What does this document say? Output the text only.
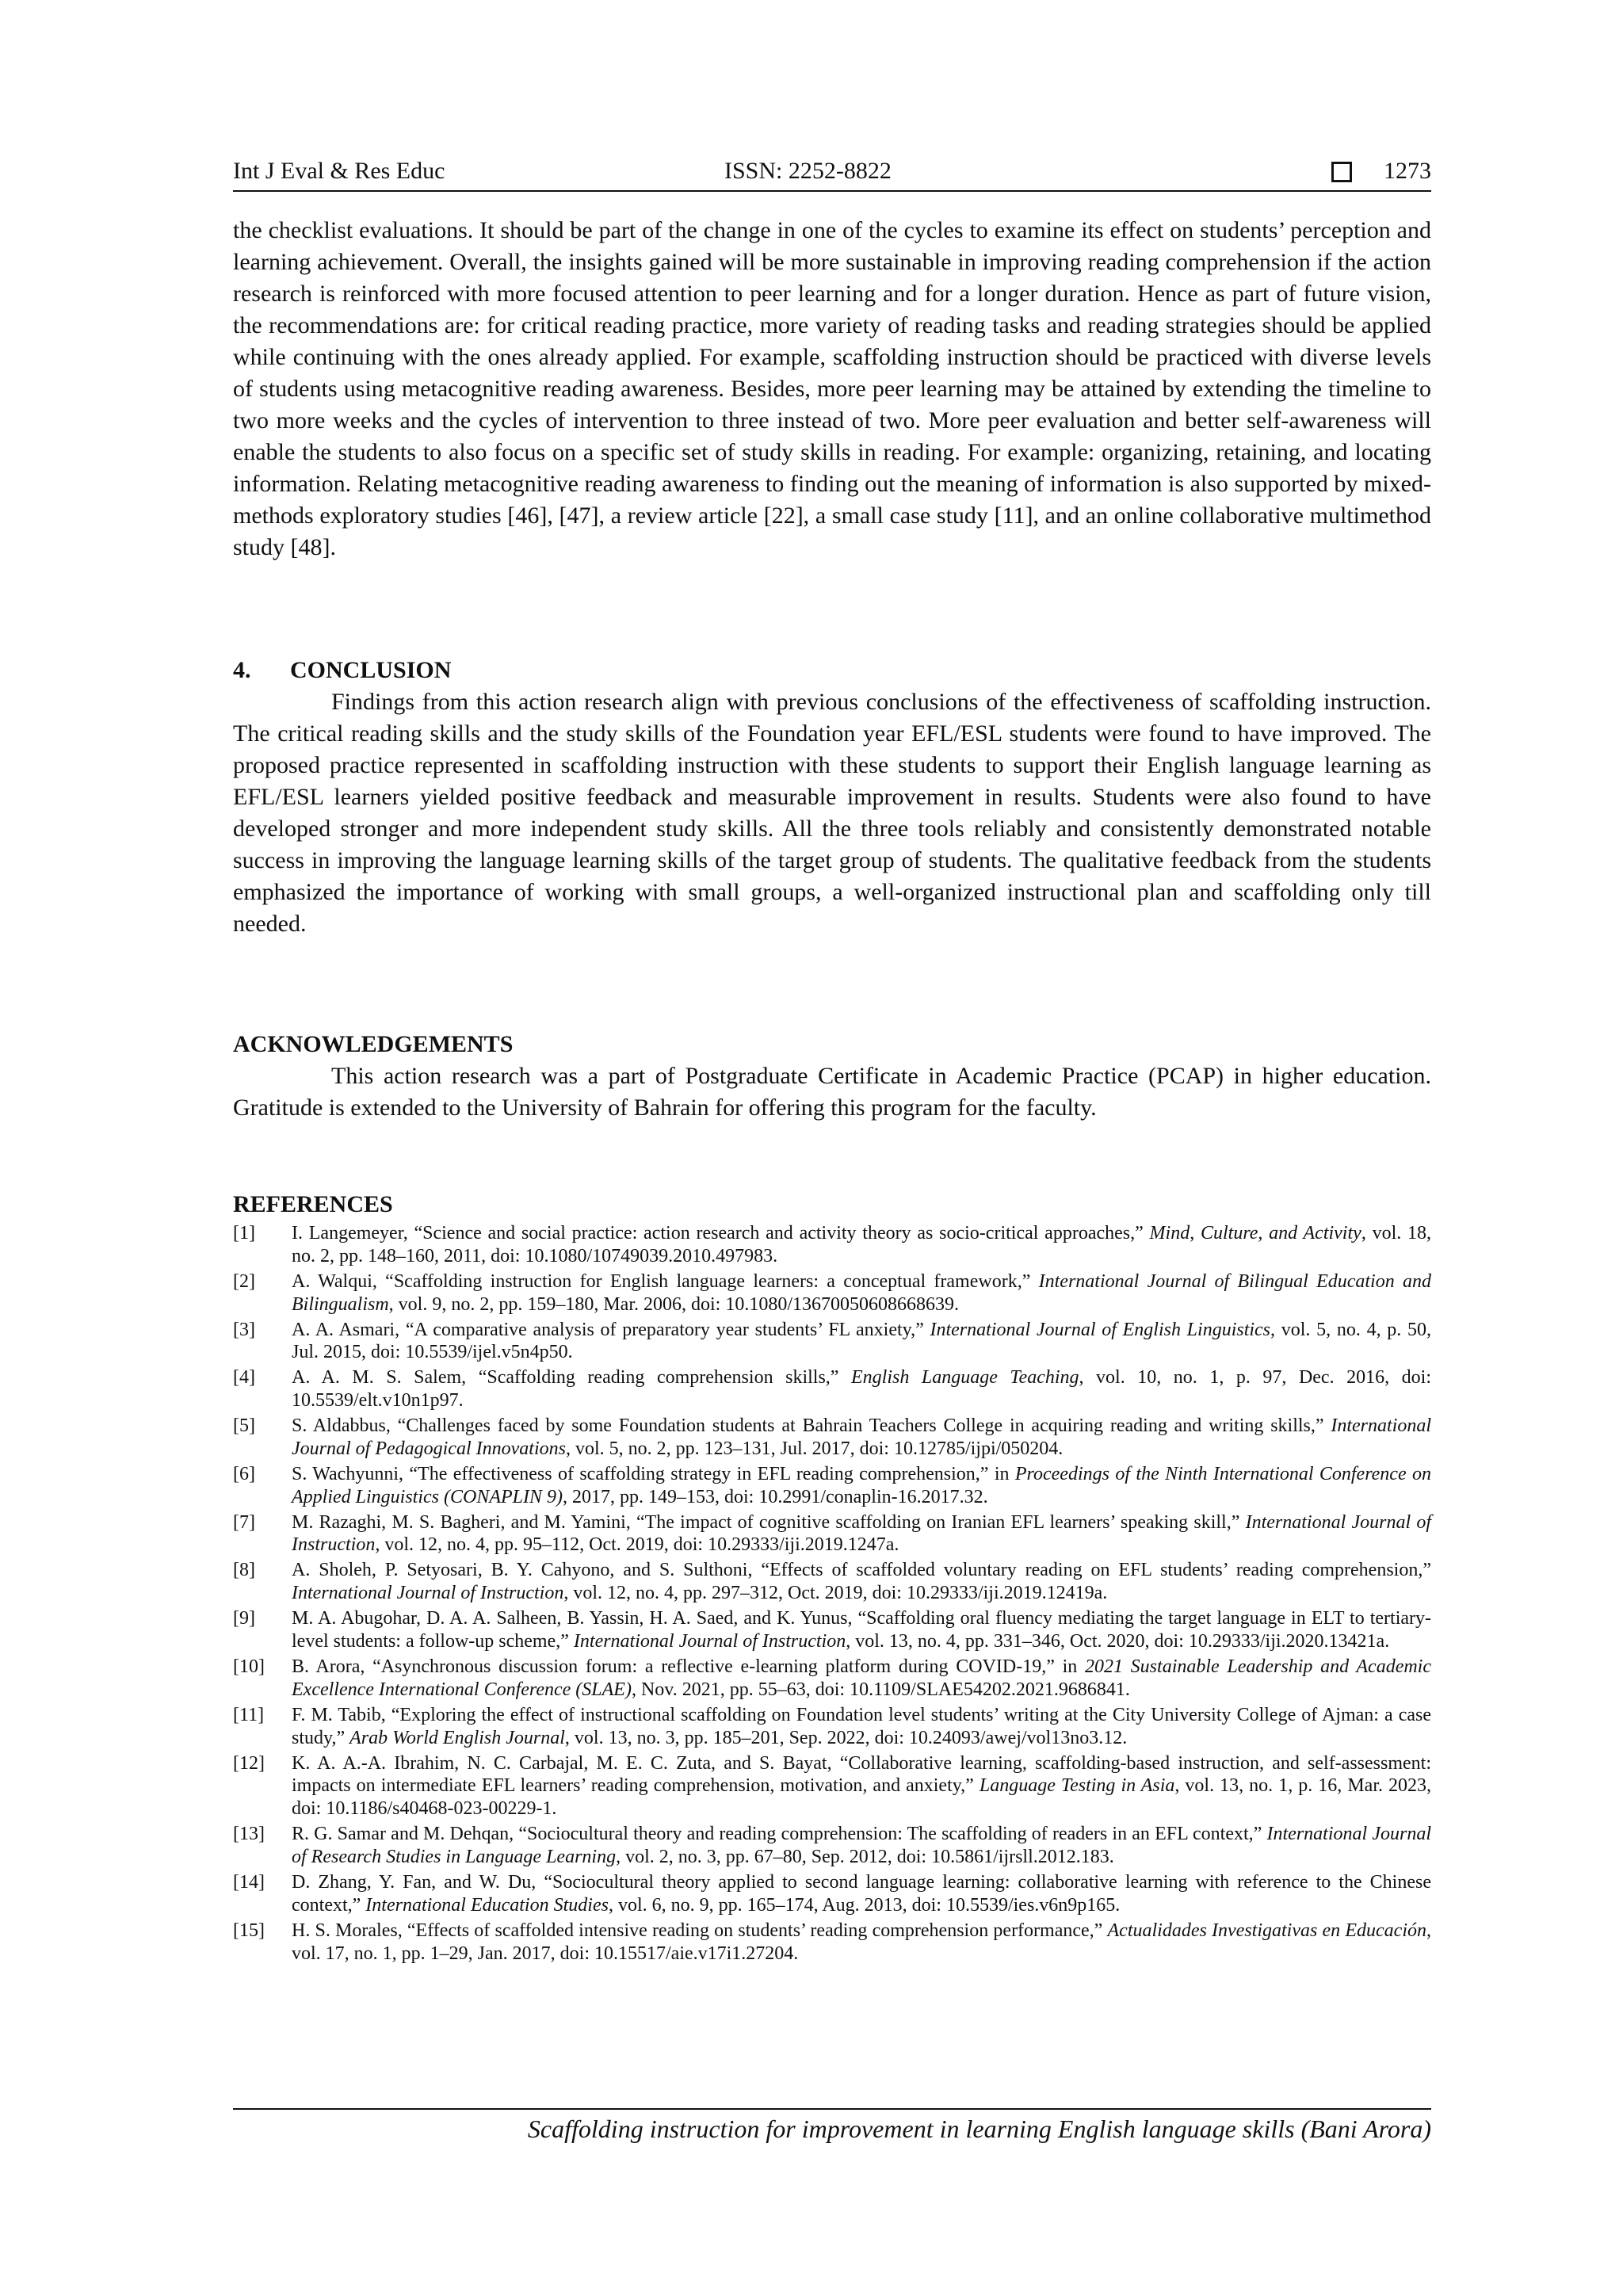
Int J Eval & Res Educ	ISSN: 2252-8822	1273

the checklist evaluations. It should be part of the change in one of the cycles to examine its effect on students’ perception and learning achievement. Overall, the insights gained will be more sustainable in improving reading comprehension if the action research is reinforced with more focused attention to peer learning and for a longer duration. Hence as part of future vision, the recommendations are: for critical reading practice, more variety of reading tasks and reading strategies should be applied while continuing with the ones already applied. For example, scaffolding instruction should be practiced with diverse levels of students using metacognitive reading awareness. Besides, more peer learning may be attained by extending the timeline to two more weeks and the cycles of intervention to three instead of two. More peer evaluation and better self-awareness will enable the students to also focus on a specific set of study skills in reading. For example: organizing, retaining, and locating information. Relating metacognitive reading awareness to finding out the meaning of information is also supported by mixed-methods exploratory studies [46], [47], a review article [22], a small case study [11], and an online collaborative multimethod study [48].

4. CONCLUSION

Findings from this action research align with previous conclusions of the effectiveness of scaffolding instruction. The critical reading skills and the study skills of the Foundation year EFL/ESL students were found to have improved. The proposed practice represented in scaffolding instruction with these students to support their English language learning as EFL/ESL learners yielded positive feedback and measurable improvement in results. Students were also found to have developed stronger and more independent study skills. All the three tools reliably and consistently demonstrated notable success in improving the language learning skills of the target group of students. The qualitative feedback from the students emphasized the importance of working with small groups, a well-organized instructional plan and scaffolding only till needed.

ACKNOWLEDGEMENTS

This action research was a part of Postgraduate Certificate in Academic Practice (PCAP) in higher education. Gratitude is extended to the University of Bahrain for offering this program for the faculty.

REFERENCES

[1]	I. Langemeyer, “Science and social practice: action research and activity theory as socio-critical approaches,” Mind, Culture, and Activity, vol. 18, no. 2, pp. 148–160, 2011, doi: 10.1080/10749039.2010.497983.
[2]	A. Walqui, “Scaffolding instruction for English language learners: a conceptual framework,” International Journal of Bilingual Education and Bilingualism, vol. 9, no. 2, pp. 159–180, Mar. 2006, doi: 10.1080/13670050608668639.
[3]	A. A. Asmari, “A comparative analysis of preparatory year students’ FL anxiety,” International Journal of English Linguistics, vol. 5, no. 4, p. 50, Jul. 2015, doi: 10.5539/ijel.v5n4p50.
[4]	A. A. M. S. Salem, “Scaffolding reading comprehension skills,” English Language Teaching, vol. 10, no. 1, p. 97, Dec. 2016, doi: 10.5539/elt.v10n1p97.
[5]	S. Aldabbus, “Challenges faced by some Foundation students at Bahrain Teachers College in acquiring reading and writing skills,” International Journal of Pedagogical Innovations, vol. 5, no. 2, pp. 123–131, Jul. 2017, doi: 10.12785/ijpi/050204.
[6]	S. Wachyunni, “The effectiveness of scaffolding strategy in EFL reading comprehension,” in Proceedings of the Ninth International Conference on Applied Linguistics (CONAPLIN 9), 2017, pp. 149–153, doi: 10.2991/conaplin-16.2017.32.
[7]	M. Razaghi, M. S. Bagheri, and M. Yamini, “The impact of cognitive scaffolding on Iranian EFL learners’ speaking skill,” International Journal of Instruction, vol. 12, no. 4, pp. 95–112, Oct. 2019, doi: 10.29333/iji.2019.1247a.
[8]	A. Sholeh, P. Setyosari, B. Y. Cahyono, and S. Sulthoni, “Effects of scaffolded voluntary reading on EFL students’ reading comprehension,” International Journal of Instruction, vol. 12, no. 4, pp. 297–312, Oct. 2019, doi: 10.29333/iji.2019.12419a.
[9]	M. A. Abugohar, D. A. A. Salheen, B. Yassin, H. A. Saed, and K. Yunus, “Scaffolding oral fluency mediating the target language in ELT to tertiary-level students: a follow-up scheme,” International Journal of Instruction, vol. 13, no. 4, pp. 331–346, Oct. 2020, doi: 10.29333/iji.2020.13421a.
[10]	B. Arora, “Asynchronous discussion forum: a reflective e-learning platform during COVID-19,” in 2021 Sustainable Leadership and Academic Excellence International Conference (SLAE), Nov. 2021, pp. 55–63, doi: 10.1109/SLAE54202.2021.9686841.
[11]	F. M. Tabib, “Exploring the effect of instructional scaffolding on Foundation level students’ writing at the City University College of Ajman: a case study,” Arab World English Journal, vol. 13, no. 3, pp. 185–201, Sep. 2022, doi: 10.24093/awej/vol13no3.12.
[12]	K. A. A.-A. Ibrahim, N. C. Carbajal, M. E. C. Zuta, and S. Bayat, “Collaborative learning, scaffolding-based instruction, and self-assessment: impacts on intermediate EFL learners’ reading comprehension, motivation, and anxiety,” Language Testing in Asia, vol. 13, no. 1, p. 16, Mar. 2023, doi: 10.1186/s40468-023-00229-1.
[13]	R. G. Samar and M. Dehqan, “Sociocultural theory and reading comprehension: The scaffolding of readers in an EFL context,” International Journal of Research Studies in Language Learning, vol. 2, no. 3, pp. 67–80, Sep. 2012, doi: 10.5861/ijrsll.2012.183.
[14]	D. Zhang, Y. Fan, and W. Du, “Sociocultural theory applied to second language learning: collaborative learning with reference to the Chinese context,” International Education Studies, vol. 6, no. 9, pp. 165–174, Aug. 2013, doi: 10.5539/ies.v6n9p165.
[15]	H. S. Morales, “Effects of scaffolded intensive reading on students’ reading comprehension performance,” Actualidades Investigativas en Educación, vol. 17, no. 1, pp. 1–29, Jan. 2017, doi: 10.15517/aie.v17i1.27204.
Scaffolding instruction for improvement in learning English language skills (Bani Arora)
